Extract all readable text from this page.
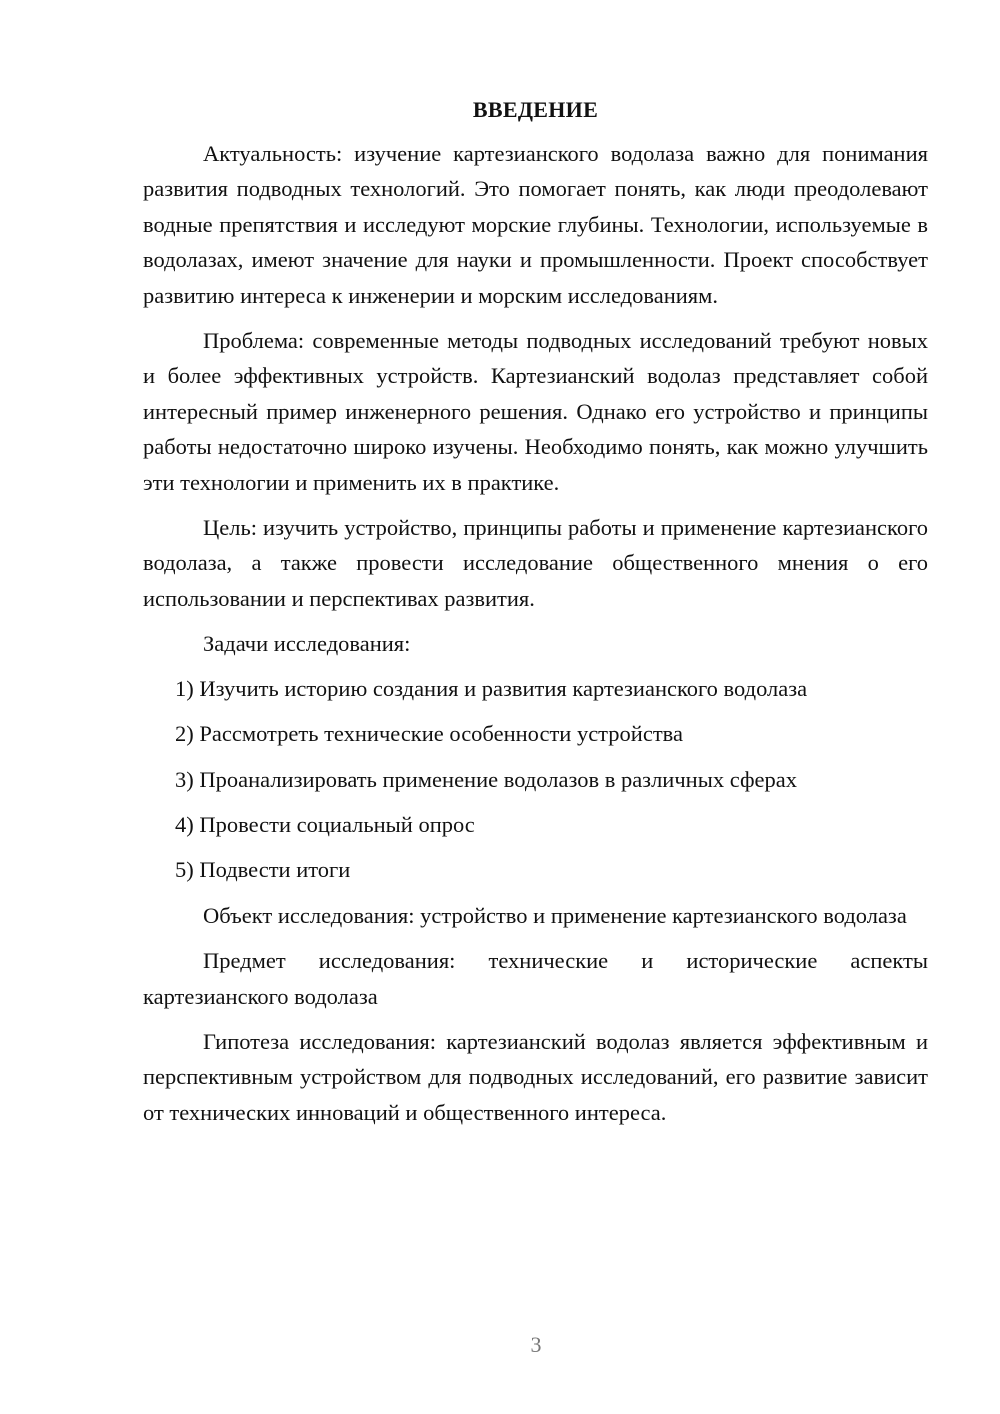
ВВЕДЕНИЕ

Актуальность: изучение картезианского водолаза важно для понимания развития подводных технологий. Это помогает понять, как люди преодолевают водные препятствия и исследуют морские глубины. Технологии, используемые в водолазах, имеют значение для науки и промышленности. Проект способствует развитию интереса к инженерии и морским исследованиям.

Проблема: современные методы подводных исследований требуют новых и более эффективных устройств. Картезианский водолаз представляет собой интересный пример инженерного решения. Однако его устройство и принципы работы недостаточно широко изучены. Необходимо понять, как можно улучшить эти технологии и применить их в практике.

Цель: изучить устройство, принципы работы и применение картезианского водолаза, а также провести исследование общественного мнения о его использовании и перспективах развития.

Задачи исследования:

1) Изучить историю создания и развития картезианского водолаза
2) Рассмотреть технические особенности устройства
3) Проанализировать применение водолазов в различных сферах
4) Провести социальный опрос
5) Подвести итоги

Объект исследования: устройство и применение картезианского водолаза

Предмет исследования: технические и исторические аспекты картезианского водолаза

Гипотеза исследования: картезианский водолаз является эффективным и перспективным устройством для подводных исследований, его развитие зависит от технических инноваций и общественного интереса.

3
